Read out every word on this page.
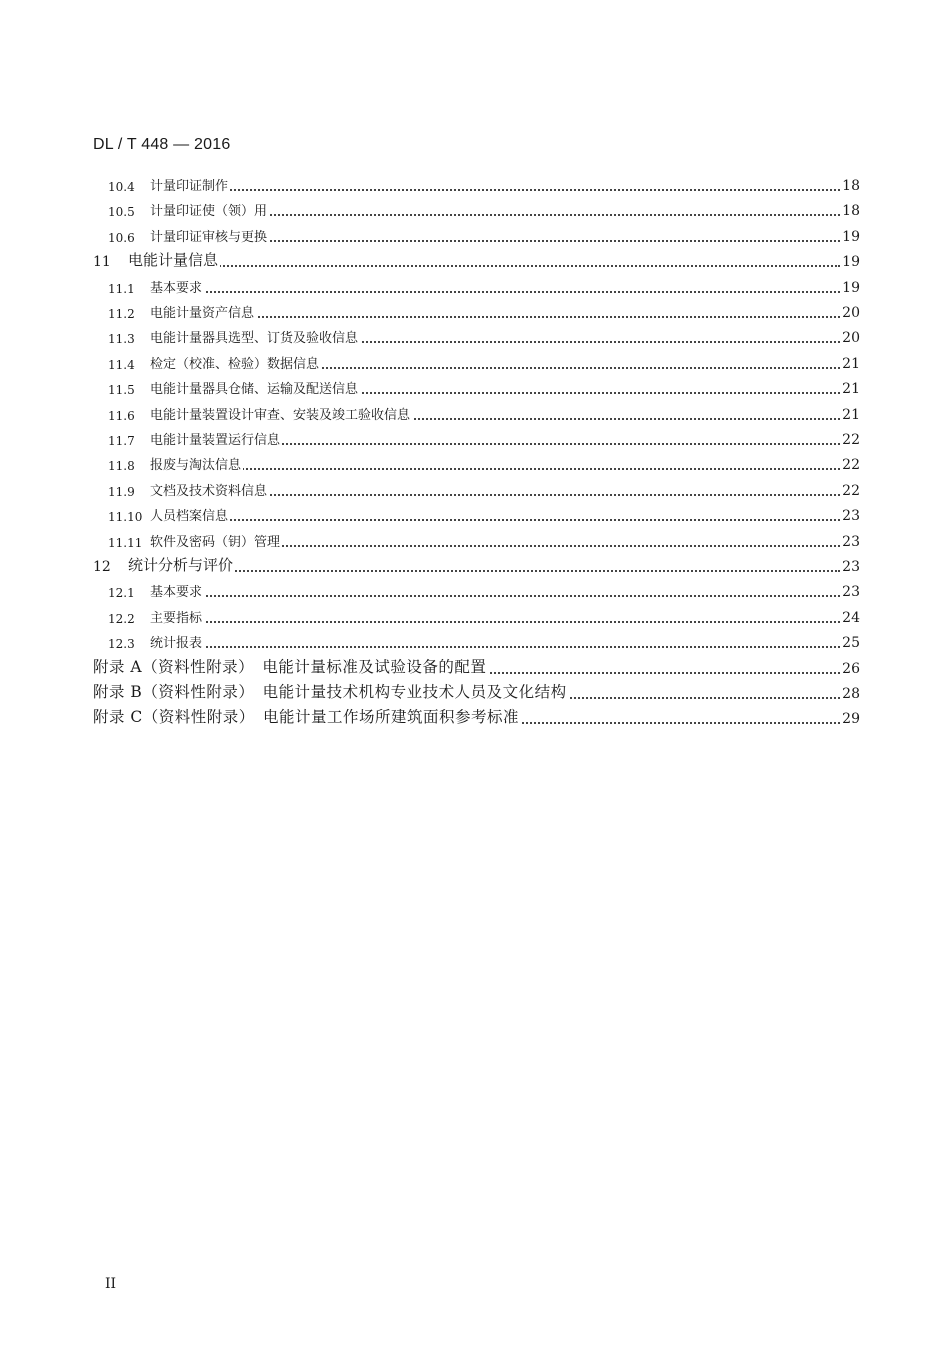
DL / T 448 — 2016
10.4 计量印证制作	18
10.5 计量印证使（领）用	18
10.6 计量印证审核与更换	19
11 电能计量信息	19
11.1 基本要求	19
11.2 电能计量资产信息	20
11.3 电能计量器具选型、订货及验收信息	20
11.4 检定（校准、检验）数据信息	21
11.5 电能计量器具仓储、运输及配送信息	21
11.6 电能计量装置设计审查、安装及竣工验收信息	21
11.7 电能计量装置运行信息	22
11.8 报废与淘汰信息	22
11.9 文档及技术资料信息	22
11.10 人员档案信息	23
11.11 软件及密码（钥）管理	23
12 统计分析与评价	23
12.1 基本要求	23
12.2 主要指标	24
12.3 统计报表	25
附录 A（资料性附录）　电能计量标准及试验设备的配置	26
附录 B（资料性附录）　电能计量技术机构专业技术人员及文化结构	28
附录 C（资料性附录）　电能计量工作场所建筑面积参考标准	29
II
